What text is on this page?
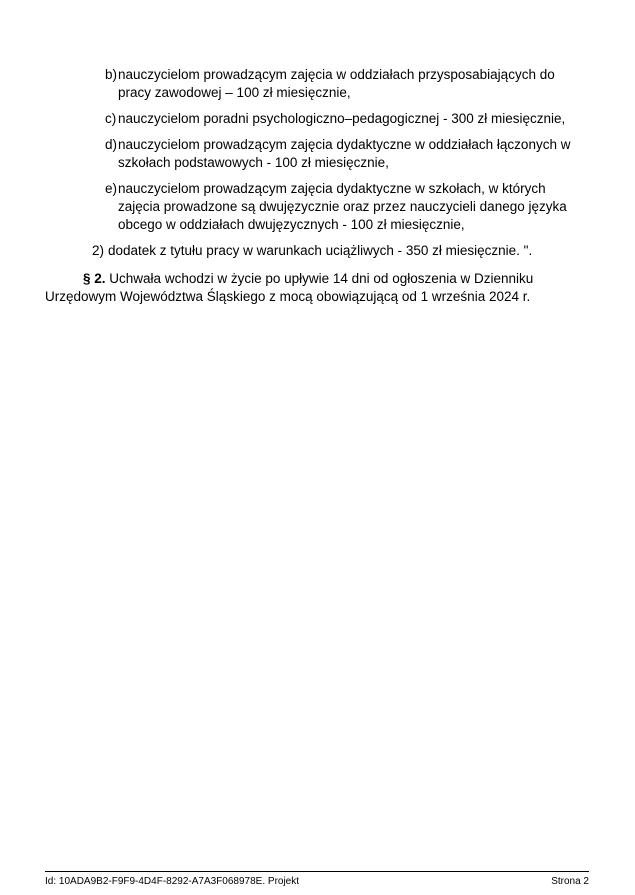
b) nauczycielom prowadzącym zajęcia w oddziałach przysposabiających do pracy zawodowej – 100 zł miesięcznie,
c) nauczycielom poradni psychologiczno–pedagogicznej - 300 zł miesięcznie,
d) nauczycielom prowadzącym zajęcia dydaktyczne w oddziałach łączonych w szkołach podstawowych - 100 zł miesięcznie,
e) nauczycielom prowadzącym zajęcia dydaktyczne w szkołach, w których zajęcia prowadzone są dwujęzycznie oraz przez nauczycieli danego języka obcego w oddziałach dwujęzycznych - 100 zł miesięcznie,
2) dodatek z tytułu pracy w warunkach uciążliwych - 350 zł miesięcznie. ".

§ 2. Uchwała wchodzi w życie po upływie 14 dni od ogłoszenia w Dzienniku Urzędowym Województwa Śląskiego z mocą obowiązującą od 1 września 2024 r.

Id: 10ADA9B2-F9F9-4D4F-8292-A7A3F068978E. Projekt	Strona 2
